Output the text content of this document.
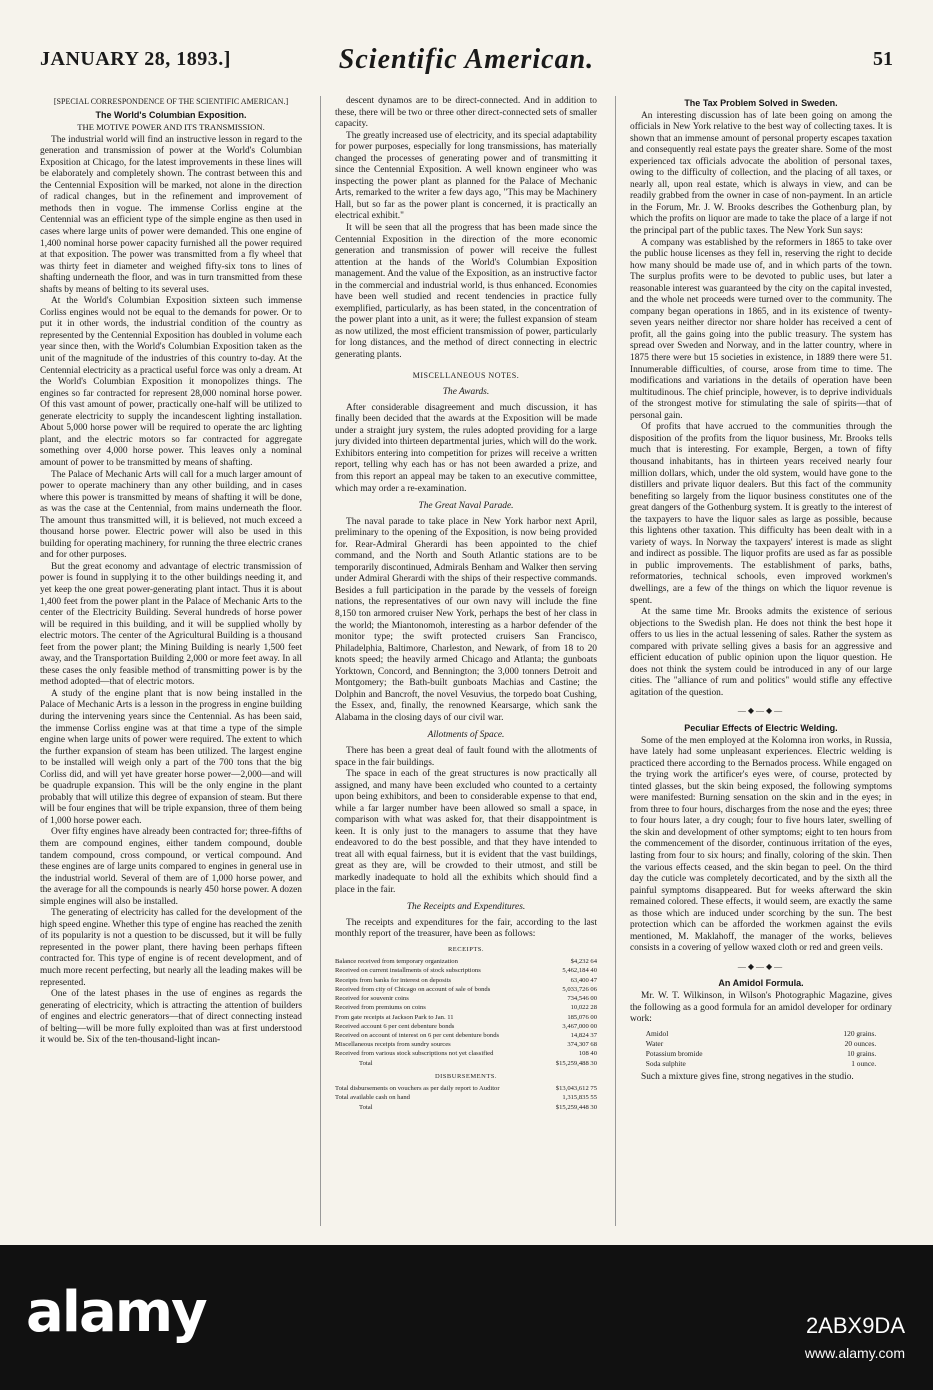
JANUARY 28, 1893.]	Scientific American.	51

[SPECIAL CORRESPONDENCE OF THE SCIENTIFIC AMERICAN.]

The World's Columbian Exposition.

THE MOTIVE POWER AND ITS TRANSMISSION.

The industrial world will find an instructive lesson in regard to the generation and transmission of power at the World's Columbian Exposition at Chicago, for the latest improvements in these lines will be elaborately and completely shown. The contrast between this and the Centennial Exposition will be marked, not alone in the direction of radical changes, but in the refinement and improvement of methods then in vogue. The immense Corliss engine at the Centennial was an efficient type of the simple engine as then used in cases where large units of power were demanded. This one engine of 1,400 nominal horse power capacity furnished all the power required at that exposition. The power was transmitted from a fly wheel that was thirty feet in diameter and weighed fifty-six tons to lines of shafting underneath the floor, and was in turn transmitted from these shafts by means of belting to its several uses.

At the World's Columbian Exposition sixteen such immense Corliss engines would not be equal to the demands for power. Or to put it in other words, the industrial condition of the country as represented by the Centennial Exposition has doubled in volume each year since then, with the World's Columbian Exposition taken as the unit of the magnitude of the industries of this country to-day. At the Centennial electricity as a practical useful force was only a dream. At the World's Columbian Exposition it monopolizes things. The engines so far contracted for represent 28,000 nominal horse power. Of this vast amount of power, practically one-half will be utilized to generate electricity to supply the incandescent lighting installation. About 5,000 horse power will be required to operate the arc lighting plant, and the electric motors so far contracted for aggregate something over 4,000 horse power. This leaves only a nominal amount of power to be transmitted by means of shafting.

The Palace of Mechanic Arts will call for a much larger amount of power to operate machinery than any other building, and in cases where this power is transmitted by means of shafting it will be done, as was the case at the Centennial, from mains underneath the floor. The amount thus transmitted will, it is believed, not much exceed a thousand horse power. Electric power will also be used in this building for operating machinery, for running the three electric cranes and for other purposes.

But the great economy and advantage of electric transmission of power is found in supplying it to the other buildings needing it, and yet keep the one great power-generating plant intact. Thus it is about 1,400 feet from the power plant in the Palace of Mechanic Arts to the center of the Electricity Building. Several hundreds of horse power will be required in this building, and it will be supplied wholly by electric motors. The center of the Agricultural Building is a thousand feet from the power plant; the Mining Building is nearly 1,500 feet away, and the Transportation Building 2,000 or more feet away. In all these cases the only feasible method of transmitting power is by the method adopted—that of electric motors.

A study of the engine plant that is now being installed in the Palace of Mechanic Arts is a lesson in the progress in engine building during the intervening years since the Centennial. As has been said, the immense Corliss engine was at that time a type of the simple engine when large units of power were required. The extent to which the further expansion of steam has been utilized. The largest engine to be installed will weigh only a part of the 700 tons that the big Corliss did, and will yet have greater horse power—2,000—and will be quadruple expansion. This will be the only engine in the plant probably that will utilize this degree of expansion of steam. But there will be four engines that will be triple expansion, three of them being of 1,000 horse power each.

Over fifty engines have already been contracted for; three-fifths of them are compound engines, either tandem compound, double tandem compound, cross compound, or vertical compound. And these engines are of large units compared to engines in general use in the industrial world. Several of them are of 1,000 horse power, and the average for all the compounds is nearly 450 horse power. A dozen simple engines will also be installed.

The generating of electricity has called for the development of the high speed engine. Whether this type of engine has reached the zenith of its popularity is not a question to be discussed, but it will be fully represented in the power plant, there having been perhaps fifteen contracted for. This type of engine is of recent development, and of much more recent perfecting, but nearly all the leading makes will be represented.

One of the latest phases in the use of engines as regards the generating of electricity, which is attracting the attention of builders of engines and electric generators—that of direct connecting instead of belting—will be more fully exploited than was at first understood it would be. Six of the ten-thousand-light incan-

descent dynamos are to be direct-connected. And in addition to these, there will be two or three other direct-connected sets of smaller capacity.

The greatly increased use of electricity, and its special adaptability for power purposes, especially for long transmissions, has materially changed the processes of generating power and of transmitting it since the Centennial Exposition. A well known engineer who was inspecting the power plant as planned for the Palace of Mechanic Arts, remarked to the writer a few days ago, "This may be Machinery Hall, but so far as the power plant is concerned, it is practically an electrical exhibit."

It will be seen that all the progress that has been made since the Centennial Exposition in the direction of the more economic generation and transmission of power will receive the fullest attention at the hands of the World's Columbian Exposition management. And the value of the Exposition, as an instructive factor in the commercial and industrial world, is thus enhanced. Economies have been well studied and recent tendencies in practice fully exemplified, particularly, as has been stated, in the concentration of the power plant into a unit, as it were; the fullest expansion of steam as now utilized, the most efficient transmission of power, particularly for long distances, and the method of direct connecting in electric generating plants.

MISCELLANEOUS NOTES.

The Awards.

After considerable disagreement and much discussion, it has finally been decided that the awards at the Exposition will be made under a straight jury system, the rules adopted providing for a large jury divided into thirteen departmental juries, which will do the work. Exhibitors entering into competition for prizes will receive a written report, telling why each has or has not been awarded a prize, and from this report an appeal may be taken to an executive committee, which may order a re-examination.

The Great Naval Parade.

The naval parade to take place in New York harbor next April, preliminary to the opening of the Exposition, is now being provided for. Rear-Admiral Gherardi has been appointed to the chief command, and the North and South Atlantic stations are to be temporarily discontinued, Admirals Benham and Walker then serving under Admiral Gherardi with the ships of their respective commands. Besides a full participation in the parade by the vessels of foreign nations, the representatives of our own navy will include the fine 8,150 ton armored cruiser New York, perhaps the best of her class in the world; the Miantonomoh, interesting as a harbor defender of the monitor type; the swift protected cruisers San Francisco, Philadelphia, Baltimore, Charleston, and Newark, of from 18 to 20 knots speed; the heavily armed Chicago and Atlanta; the gunboats Yorktown, Concord, and Bennington; the 3,000 tonners Detroit and Montgomery; the Bath-built gunboats Machias and Castine; the Dolphin and Bancroft, the novel Vesuvius, the torpedo boat Cushing, the Essex, and, finally, the renowned Kearsarge, which sank the Alabama in the closing days of our civil war.

Allotments of Space.

There has been a great deal of fault found with the allotments of space in the fair buildings.

The space in each of the great structures is now practically all assigned, and many have been excluded who counted to a certainty upon being exhibitors, and been to considerable expense to that end, while a far larger number have been allowed so small a space, in comparison with what was asked for, that their disappointment is keen. It is only just to the managers to assume that they have endeavored to do the best possible, and that they have intended to treat all with equal fairness, but it is evident that the vast buildings, great as they are, will be crowded to their utmost, and still be markedly inadequate to hold all the exhibits which should find a place in the fair.

The Receipts and Expenditures.

The receipts and expenditures for the fair, according to the last monthly report of the treasurer, have been as follows:

RECEIPTS.

Balance received from temporary organization	$4,232 64
Received on current installments of stock subscriptions	5,462,184 40
Receipts from banks for interest on deposits	63,400 47
Received from city of Chicago on account of sale of bonds	5,033,726 06
Received for souvenir coins	734,546 00
Received from premiums on coins	10,022 28
From gate receipts at Jackson Park to Jan. 11	185,076 00
Received account 6 per cent debenture bonds	3,467,000 00
Received on account of interest on 6 per cent debenture bonds	14,824 37
Miscellaneous receipts from sundry sources	374,307 68
Received from various stock subscriptions not yet classified	108 40
Total	$15,259,488 30

DISBURSEMENTS.

Total disbursements on vouchers as per daily report to Auditor	$13,043,612 75
Total available cash on hand	1,315,835 55
Total	$15,259,448 30

The Tax Problem Solved in Sweden.

An interesting discussion has of late been going on among the officials in New York relative to the best way of collecting taxes. It is shown that an immense amount of personal property escapes taxation and consequently real estate pays the greater share. Some of the most experienced tax officials advocate the abolition of personal taxes, owing to the difficulty of collection, and the placing of all taxes, or nearly all, upon real estate, which is always in view, and can be readily grabbed from the owner in case of non-payment. In an article in the Forum, Mr. J. W. Brooks describes the Gothenburg plan, by which the profits on liquor are made to take the place of a large if not the principal part of the public taxes. The New York Sun says:

A company was established by the reformers in 1865 to take over the public house licenses as they fell in, reserving the right to decide how many should be made use of, and in which parts of the town. The surplus profits were to be devoted to public uses, but later a reasonable interest was guaranteed by the city on the capital invested, and the whole net proceeds were turned over to the community. The company began operations in 1865, and in its existence of twenty-seven years neither director nor share holder has received a cent of profit, all the gains going into the public treasury. The system has spread over Sweden and Norway, and in the latter country, where in 1875 there were but 15 societies in existence, in 1889 there were 51. Innumerable difficulties, of course, arose from time to time. The modifications and variations in the details of operation have been multitudinous. The chief principle, however, is to deprive individuals of the strongest motive for stimulating the sale of spirits—that of personal gain.

Of profits that have accrued to the communities through the disposition of the profits from the liquor business, Mr. Brooks tells much that is interesting. For example, Bergen, a town of fifty thousand inhabitants, has in thirteen years received nearly four million dollars, which, under the old system, would have gone to the distillers and private liquor dealers. But this fact of the community benefiting so largely from the liquor business constitutes one of the great dangers of the Gothenburg system. It is greatly to the interest of the taxpayers to have the liquor sales as large as possible, because this lightens other taxation. This difficulty has been dealt with in a variety of ways. In Norway the taxpayers' interest is made as slight and indirect as possible. The liquor profits are used as far as possible in public improvements. The establishment of parks, baths, reformatories, technical schools, even improved workmen's dwellings, are a few of the things on which the liquor revenue is spent.

At the same time Mr. Brooks admits the existence of serious objections to the Swedish plan. He does not think the best hope it offers to us lies in the actual lessening of sales. Rather the system as compared with private selling gives a basis for an aggressive and efficient education of public opinion upon the liquor question. He does not think the system could be introduced in any of our large cities. The "alliance of rum and politics" would stifle any effective agitation of the question.

—◆—◆—

Peculiar Effects of Electric Welding.

Some of the men employed at the Kolomna iron works, in Russia, have lately had some unpleasant experiences. Electric welding is practiced there according to the Bernados process. While engaged on the trying work the artificer's eyes were, of course, protected by tinted glasses, but the skin being exposed, the following symptoms were manifested: Burning sensation on the skin and in the eyes; in from three to four hours, discharges from the nose and the eyes; three to four hours later, a dry cough; four to five hours later, swelling of the skin and development of other symptoms; eight to ten hours from the commencement of the disorder, continuous irritation of the eyes, lasting from four to six hours; and finally, coloring of the skin. Then the various effects ceased, and the skin began to peel. On the third day the cuticle was completely decorticated, and by the sixth all the painful symptoms disappeared. But for weeks afterward the skin remained colored. These effects, it would seem, are exactly the same as those which are induced under scorching by the sun. The best protection which can be afforded the workmen against the evils mentioned, M. Maklahoff, the manager of the works, believes consists in a covering of yellow waxed cloth or red and green veils.

—◆—◆—

An Amidol Formula.

Mr. W. T. Wilkinson, in Wilson's Photographic Magazine, gives the following as a good formula for an amidol developer for ordinary work:

Amidol	120 grains.
Water	20 ounces.
Potassium bromide	10 grains.
Soda sulphite	1 ounce.

Such a mixture gives fine, strong negatives in the studio.

alamy	2ABX9DA
www.alamy.com
